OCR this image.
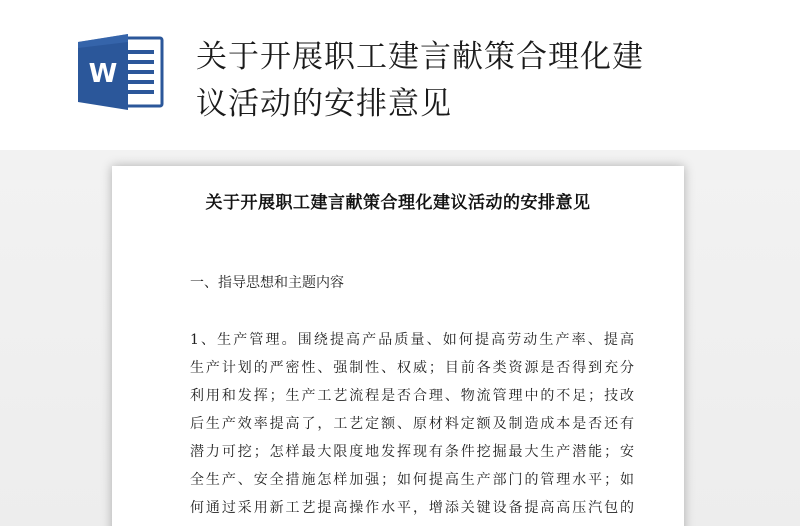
W	关于开展职工建言献策合理化建
议活动的安排意见
关于开展职工建言献策合理化建议活动的安排意见
一、指导思想和主题内容
1、生产管理。围绕提高产品质量、如何提高劳动生产率、提高
生产计划的严密性、强制性、权威；目前各类资源是否得到充分
利用和发挥；生产工艺流程是否合理、物流管理中的不足；技改
后生产效率提高了，工艺定额、原材料定额及制造成本是否还有
潜力可挖；怎样最大限度地发挥现有条件挖掘最大生产潜能；安
全生产、安全措施怎样加强；如何提高生产部门的管理水平；如
何通过采用新工艺提高操作水平，增添关键设备提高高压汽包的
